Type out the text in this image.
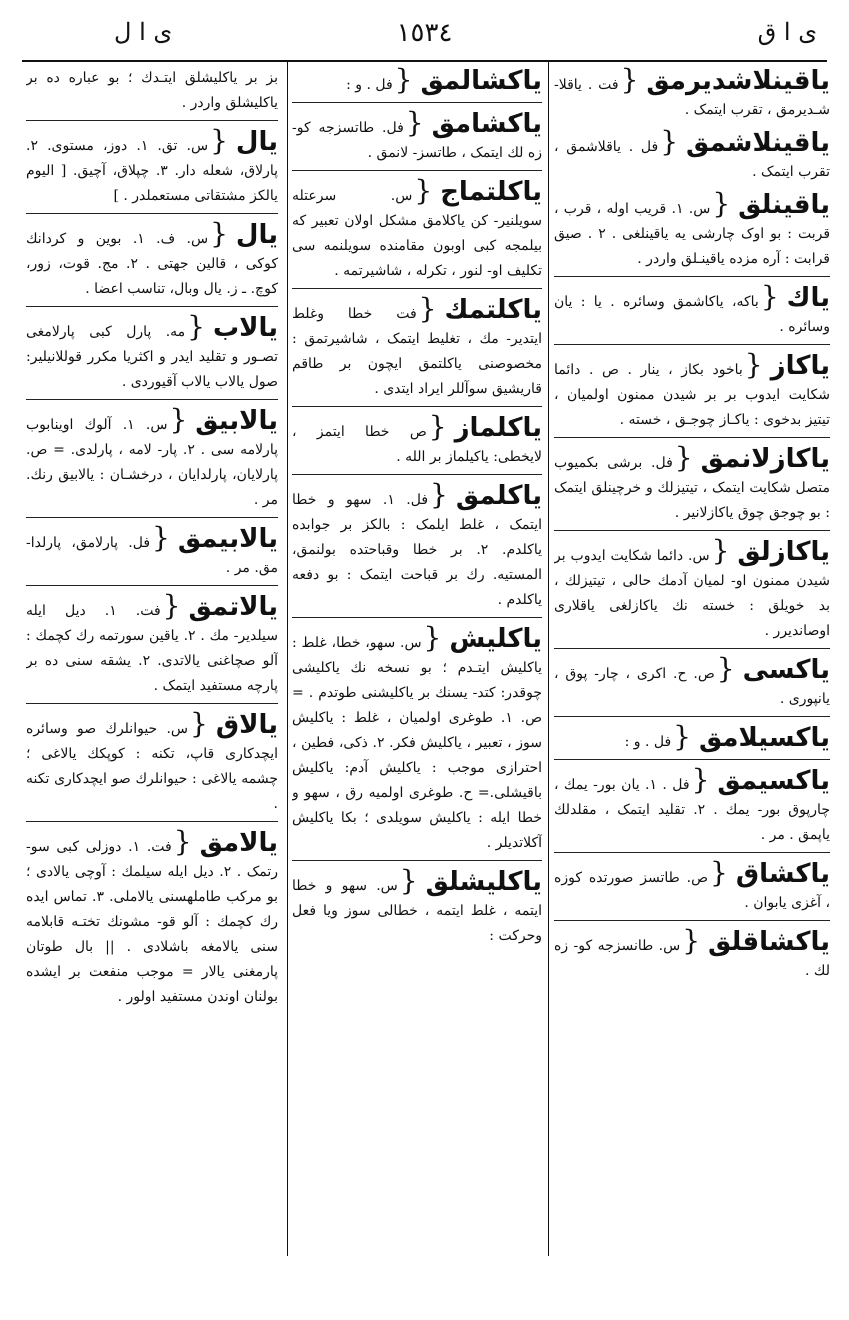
ی ا ق
۱٥۳٤
ی ا ل
یاقینلاشدیرمق{فت . یاقلا- شـدیرمق ، تقرب ایتمک .
یاقینلاشمق{فل . یاقلاشمق ، تقرب ایتمک .
یاقینلق{س. ۱. قریب اوله ، قرب ، قربت : بو اوک چارشی یه یاقینلغی . ۲ . صیق قرابت : آره مزده یاقینـلق واردر .
یاك{باکه، یاکاشمق وسائره . یا : یان وسائره .
یاكاز{باخود بکاز ، ینار . ص . دائما شکایت ایدوب بر بر شیدن ممنون اولمیان ، تیتیز بدخوی : یاکـاز چوجـق ، خسته .
یاكازلانمق{فل. برشی بکمیوب متصل شکایت ایتمک ، تیتیزلك و خرچینلق ایتمک : بو چوجق چوق یاکازلانیر .
یاكازلق{س. دائما شکایت ایدوب بر شیدن ممنون او- لمیان آدمك حالی ، تیتیزلك ، بد خویلق : خسته نك یاکازلغی یاقلاری اوصاندیرر .
یاكسی{ص. ح. اکری ، چار- پوق ، یانپوری .
یاكسیلامق{فل . و :
یاكسیمق{فل . ۱. یان بور- یمك ، چارپوق بور- یمك . ۲. تقلید ایتمک ، مقلدلك یاپمق . مر .
یاكشاق{ص. طاتسز صورتده کوزه ، آغزی یابوان .
یاكشاقلق{س. طانسزجه کو- زه لك .
یاكشالمق{فل . و :
یاكشامق{فل. طاتسزجه کو- زه لك ایتمک ، طاتسز- لانمق .
یاكلتماج{س. سرعتله سویلنیر- کن یاکلامق مشکل اولان تعبیر که بیلمجه کبی اوبون مقامنده سویلنمه سی تکلیف او- لنور ، تکرله ، شاشیرتمه .
یاكلتمك{فت خطا وغلط ایتدیر- مك ، تغلیط ایتمک ، شاشیرتمق : مخصوصنی یاکلتمق ایچون بر طاقم قاریشیق سوآللر ایراد ایتدی .
یاكلماز{ص خطا ایتمز ، لایخطی: یاکیلماز بر الله .
یاكلمق{فل. ۱. سهو و خطا ایتمک ، غلط ایلمک : بالکز بر جوابده یاکلدم. ۲. بر خطا وقباحتده بولنمق، المستیه. رك بر قباحت ایتمک : بو دفعه یاکلدم .
یاكلیش{س. سهو، خطا، غلط : یاکلیش ایتـدم ؛ بو نسخه نك یاکلیشی چوقدر: کتد- یسنك بر یاکلیشنی طوتدم . = ص. ۱. طوغری اولمیان ، غلط : یاکلیش سوز ، تعبیر ، یاکلیش فکر. ۲. ذکی، فطین ، احترازی موجب : یاکلیش آدم: یاکلیش باقیشلی.= ح. طوغری اولمیه رق ، سهو و خطا ایله : یاکلیش سویلدی ؛ بکا یاکلیش آکلاتدیلر .
یاكلیشلق{س. سهو و خطا ایتمه ، غلط ایتمه ، خطالی سوز ویا فعل وحرکت :
بز بر یاکلیشلق ایتـدك ؛ بو عباره ده بر یاکلیشلق واردر .
یال{س. تق. ۱. دوز، مستوی. ۲. پارلاق، شعله دار. ۳. چپلاق، آچیق. [ الیوم یالکز مشتقاتی مستعملدر . ]
یال{س. ف. ۱. بوین و کردانك کوکی ، قالین جهتی . ۲. مج. قوت، زور، کوچ. ـ ز. یال وبال، تناسب اعضا .
یالاب{مه. پارل کبی پارلامغی تصـور و تقلید ایدر و اکثریا مکرر قوللانیلیر: صول یالاب یالاب آقیوردی .
یالابیق{س. ۱. آلوك اوینابوب پارلامه سی . ۲. پار- لامه ، پارلدی. = ص. پارلایان، پارلدایان ، درخشـان : یالابیق رنك. مر .
یالابیمق{فل. پارلامق، پارلدا- مق. مر .
یالاتمق{فت. ۱. دیل ایله سیلدیر- مك . ۲. یاقین سورتمه رك کچمك : آلو صچاغنی یالاتدی. ۲. یشقه سنی ده بر پارچه مستفید ایتمک .
یالاق{س. حیوانلرك صو وسائره ایچدکاری قاپ، تکنه : کوپکك یالاغی ؛ چشمه یالاغی : حیوانلرك صو ایچدکاری تکنه .
یالامق{فت. ۱. دوزلی کبی سو- رتمک . ۲. دیل ایله سیلمك : آوچی یالادی ؛ بو مرکب طاملهسنی یالاملی. ۳. تماس ایده رك کچمك : آلو قو- مشونك تختـه قابلامه سنی یالامغه باشلادی . || بال طوتان پارمغنی یالار = موجب منفعت بر ایشده بولنان اوندن مستفید اولور .
